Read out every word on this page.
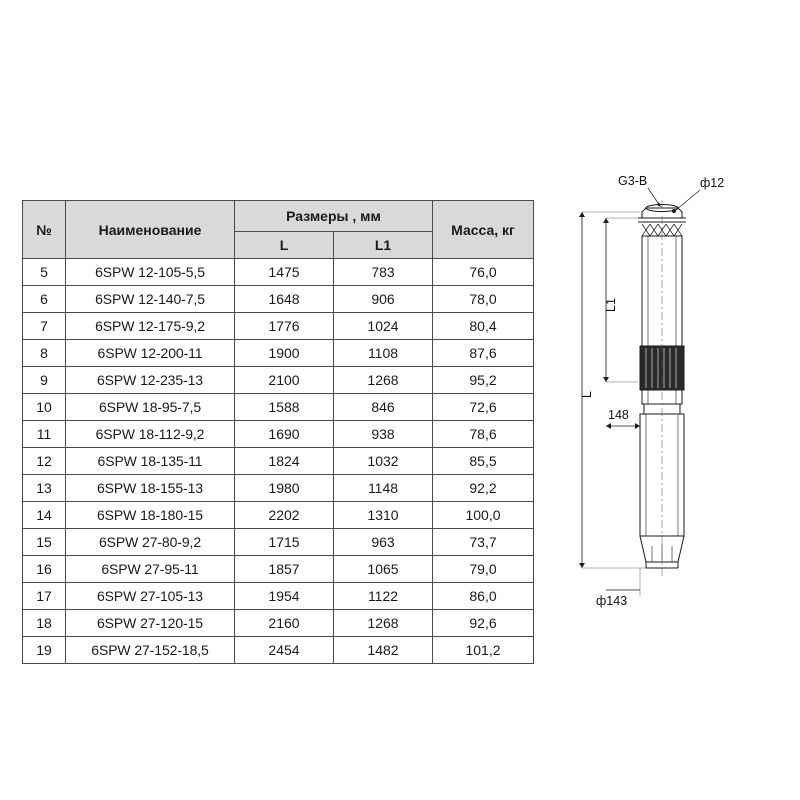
№	Наименование	Размеры , мм		Масса, кг
		L	L1	
5	6SPW 12-105-5,5	1475	783	76,0
6	6SPW 12-140-7,5	1648	906	78,0
7	6SPW 12-175-9,2	1776	1024	80,4
8	6SPW 12-200-11	1900	1108	87,6
9	6SPW 12-235-13	2100	1268	95,2
10	6SPW 18-95-7,5	1588	846	72,6
11	6SPW 18-112-9,2	1690	938	78,6
12	6SPW 18-135-11	1824	1032	85,5
13	6SPW 18-155-13	1980	1148	92,2
14	6SPW 18-180-15	2202	1310	100,0
15	6SPW 27-80-9,2	1715	963	73,7
16	6SPW 27-95-11	1857	1065	79,0
17	6SPW 27-105-13	1954	1122	86,0
18	6SPW 27-120-15	2160	1268	92,6
19	6SPW 27-152-18,5	2454	1482	101,2
G3-B	ф12
L1
L
148
ф143
